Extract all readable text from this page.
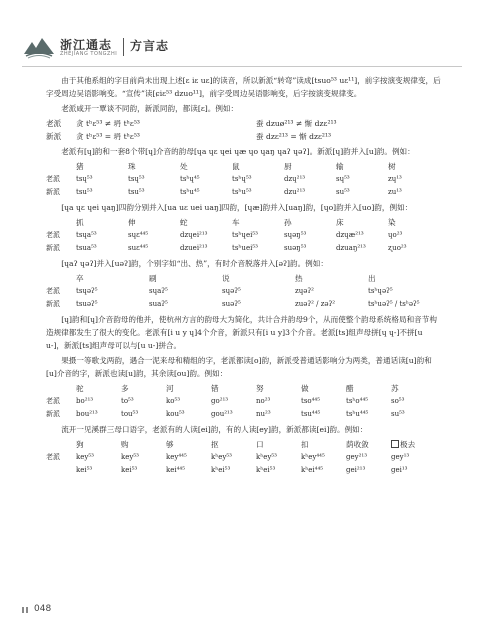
浙江通志
ZHEJIANG TONGZHI
方言志

由于其他系组的字目前尚未出现上述[ɛ iɛ uɛ]的读音，所以新派“转弯”读成[tsuo⁵³ uɛ¹¹]，前字按演变规律变，后字受周边吴语影响变。“宣传”读[ɕiɛ⁵³ dzuo¹¹]，前字受周边吴语影响变，后字按演变规律变。

老派咸开一覃谈不同韵，新派同韵，都读[ɛ]。例如：

老派	贪 tʰɛ⁵³ ≠ 坍 tʰɛ⁵³	蚕 dzuø²¹³ ≠ 惭 dzɛ²¹³
新派	贪 tʰɛ⁵³ = 坍 tʰɛ⁵³	蚕 dzɛ²¹³ = 惭 dzɛ²¹³

老派有[ɥ]韵和一套8个带[ɥ]介音的韵母[ɥa ɥɛ ɥei ɥæ ɥo ɥaŋ ɥaʔ ɥəʔ]。新派[ɥ]韵并入[u]韵。例如：

猪	珠	处	鼠	厨	输	树
老派	tsɥ⁵³	tsɥ⁵³	tsʰɥ⁴⁵	tsʰɥ⁵³	dzɥ²¹³	sɥ⁵³	zɥ¹³
新派	tsu⁵³	tsu⁵³	tsʰu⁴⁵	tsʰu⁵³	dzu²¹³	su⁵³	zu¹³

[ɥa ɥɛ ɥei ɥaŋ]四韵分别并入[ua uɛ uei uaŋ]四韵，[ɥæ]韵并入[uaŋ]韵，[ɥo]韵并入[uo]韵，例如：

抓	伸	蛇	车	孙	床	染
老派	tsɥa⁵³	sɥɛ⁴⁴⁵	dzɥei²¹³	tsʰɥei⁵³	sɥəŋ⁵³	dzɥæ²¹³	ɥo²³
新派	tsua⁵³	suɛ⁴⁴⁵	dzuei²¹³	tsʰuei⁵³	suəŋ⁵³	dzuaŋ²¹³	ʐuo²³

[ɥaʔ ɥəʔ]并入[uəʔ]韵，个别字如“出、热”，有时介音脱落并入[əʔ]韵。例如：

卒	刷	说	热	出
老派	tsɥəʔ⁵	sɥaʔ⁵	sɥəʔ⁵	zɥəʔ²	tsʰɥəʔ⁵
新派	tsuəʔ⁵	suaʔ⁵	suəʔ⁵	zuəʔ² / zəʔ²	tsʰuəʔ⁵ / tsʰəʔ⁵

[ɥ]韵和[ɥ]介音韵母的他并，使杭州方言的韵母大为简化，共计合并韵母9个，从而使整个韵母系统格局和音节构造规律都发生了很大的变化。老派有[i u y ɥ]4个介音，新派只有[i u y]3个介音。老派[ts]组声母拼[ɥ ɥ-]不拼[u u-]，新派[ts]组声母可以与[u u-]拼合。

果摄一等歌戈两韵，遇合一泥来母和精组的字，老派都读[o]韵，新派受普通话影响分为两类，普通话读[u]韵和[u]介音的字，新派也读[u]韵，其余读[ou]韵。例如：

驼	多	河	错	努	做	醋	苏
老派	bo²¹³	to⁵³	ko⁵³	go²¹³	no²³	tso⁴⁴⁵	tsʰo⁴⁴⁵	so⁵³
新派	bou²¹³	tou⁵³	kou⁵³	gou²¹³	nu²³	tsu⁴⁴⁵	tsʰu⁴⁴⁵	su⁵³

流开一见溪群三母口语字，老派有的人读[ei]韵，有的人读[ey]韵，新派都读[ei]韵。例如：

狗	购	够	抠	口	扣	荫收敛	极去
老派	key⁵³	key⁵³	key⁴⁴⁵	kʰey⁵³	kʰey⁵³	kʰey⁴⁴⁵	gey²¹³	gey¹³
kei⁵³	kei⁵³	kei⁴⁴⁵	kʰei⁵³	kʰei⁵³	kʰei⁴⁴⁵	gei²¹³	gei¹³
048
